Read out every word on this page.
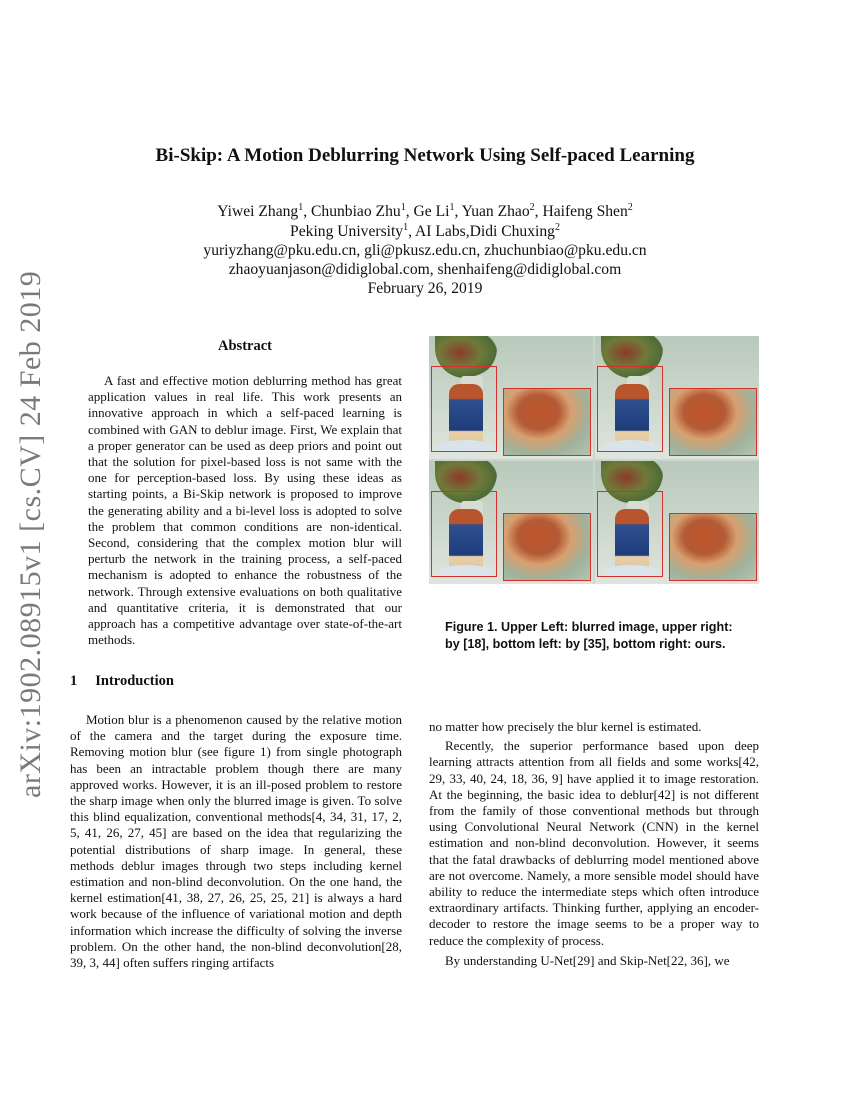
arXiv:1902.08915v1 [cs.CV] 24 Feb 2019
Bi-Skip: A Motion Deblurring Network Using Self-paced Learning
Yiwei Zhang$^1$, Chunbiao Zhu$^1$, Ge Li$^1$, Yuan Zhao$^2$, Haifeng Shen$^2$
Peking University$^1$, AI Labs,Didi Chuxing$^2$
yuriyzhang@pku.edu.cn, gli@pkusz.edu.cn, zhuchunbiao@pku.edu.cn
zhaoyuanjason@didiglobal.com, shenhaifeng@didiglobal.com
February 26, 2019
Abstract

A fast and effective motion deblurring method has great application values in real life. This work presents an innovative approach in which a self-paced learning is combined with GAN to deblur image. First, We explain that a proper generator can be used as deep priors and point out that the solution for pixel-based loss is not same with the one for perception-based loss. By using these ideas as starting points, a Bi-Skip network is proposed to improve the generating ability and a bi-level loss is adopted to solve the problem that common conditions are non-identical. Second, considering that the complex motion blur will perturb the network in the training process, a self-paced mechanism is adopted to enhance the robustness of the network. Through extensive evaluations on both qualitative and quantitative criteria, it is demonstrated that our approach has a competitive advantage over state-of-the-art methods.

1 Introduction

Motion blur is a phenomenon caused by the relative motion of the camera and the target during the exposure time. Removing motion blur (see figure 1) from single photograph has been an intractable problem though there are many approved works. However, it is an ill-posed problem to restore the sharp image when only the blurred image is given. To solve this blind equalization, conventional methods[4, 34, 31, 17, 2, 5, 41, 26, 27, 45] are based on the idea that regularizing the potential distributions of sharp image. In general, these methods deblur images through two steps including kernel estimation and non-blind deconvolution. On the one hand, the kernel estimation[41, 38, 27, 26, 25, 25, 21] is always a hard work because of the influence of variational motion and depth information which increase the difficulty of solving the inverse problem. On the other hand, the non-blind deconvolution[28, 39, 3, 44] often suffers ringing artifacts

Figure 1. Upper Left: blurred image, upper right: by [18], bottom left: by [35], bottom right: ours.

no matter how precisely the blur kernel is estimated.

Recently, the superior performance based upon deep learning attracts attention from all fields and some works[42, 29, 33, 40, 24, 18, 36, 9] have applied it to image restoration. At the beginning, the basic idea to deblur[42] is not different from the family of those conventional methods but through using Convolutional Neural Network (CNN) in the kernel estimation and non-blind deconvolution. However, it seems that the fatal drawbacks of deblurring model mentioned above are not overcome. Namely, a more sensible model should have ability to reduce the intermediate steps which often introduce extraordinary artifacts. Thinking further, applying an encoder-decoder to restore the image seems to be a proper way to reduce the complexity of process.

By understanding U-Net[29] and Skip-Net[22, 36], we
